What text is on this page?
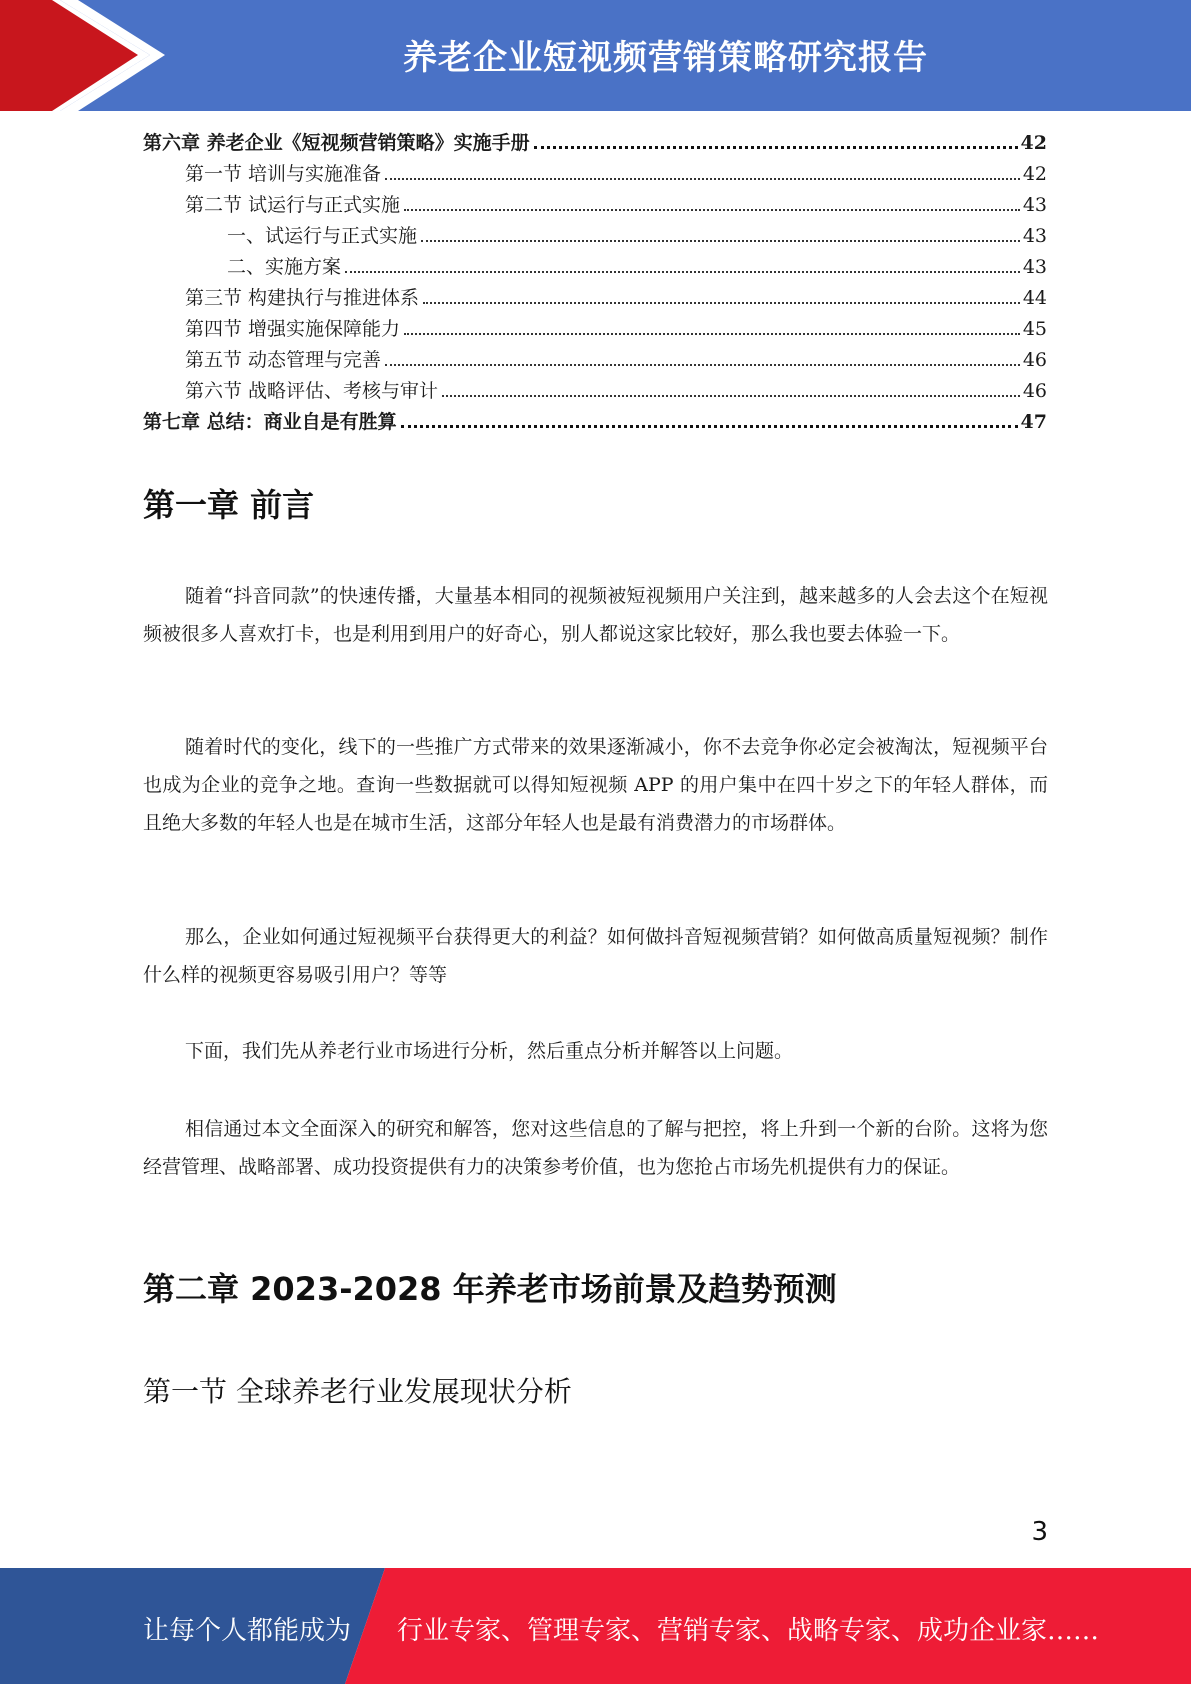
养老企业短视频营销策略研究报告
第六章 养老企业《短视频营销策略》实施手册	42
第一节 培训与实施准备	42
第二节 试运行与正式实施	43
一、试运行与正式实施	43
二、实施方案	43
第三节 构建执行与推进体系	44
第四节 增强实施保障能力	45
第五节 动态管理与完善	46
第六节 战略评估、考核与审计	46
第七章 总结：商业自是有胜算	47
第一章 前言
随着“抖音同款”的快速传播，大量基本相同的视频被短视频用户关注到，越来越多的人会去这个在短视频被很多人喜欢打卡，也是利用到用户的好奇心，别人都说这家比较好，那么我也要去体验一下。
随着时代的变化，线下的一些推广方式带来的效果逐渐减小，你不去竞争你必定会被淘汰，短视频平台也成为企业的竞争之地。查询一些数据就可以得知短视频 APP 的用户集中在四十岁之下的年轻人群体，而且绝大多数的年轻人也是在城市生活，这部分年轻人也是最有消费潜力的市场群体。
那么，企业如何通过短视频平台获得更大的利益？如何做抖音短视频营销？如何做高质量短视频？制作什么样的视频更容易吸引用户？等等
下面，我们先从养老行业市场进行分析，然后重点分析并解答以上问题。
相信通过本文全面深入的研究和解答，您对这些信息的了解与把控，将上升到一个新的台阶。这将为您经营管理、战略部署、成功投资提供有力的决策参考价值，也为您抢占市场先机提供有力的保证。
第二章 2023-2028 年养老市场前景及趋势预测
第一节 全球养老行业发展现状分析
3
让每个人都能成为 行业专家、管理专家、营销专家、战略专家、成功企业家……
